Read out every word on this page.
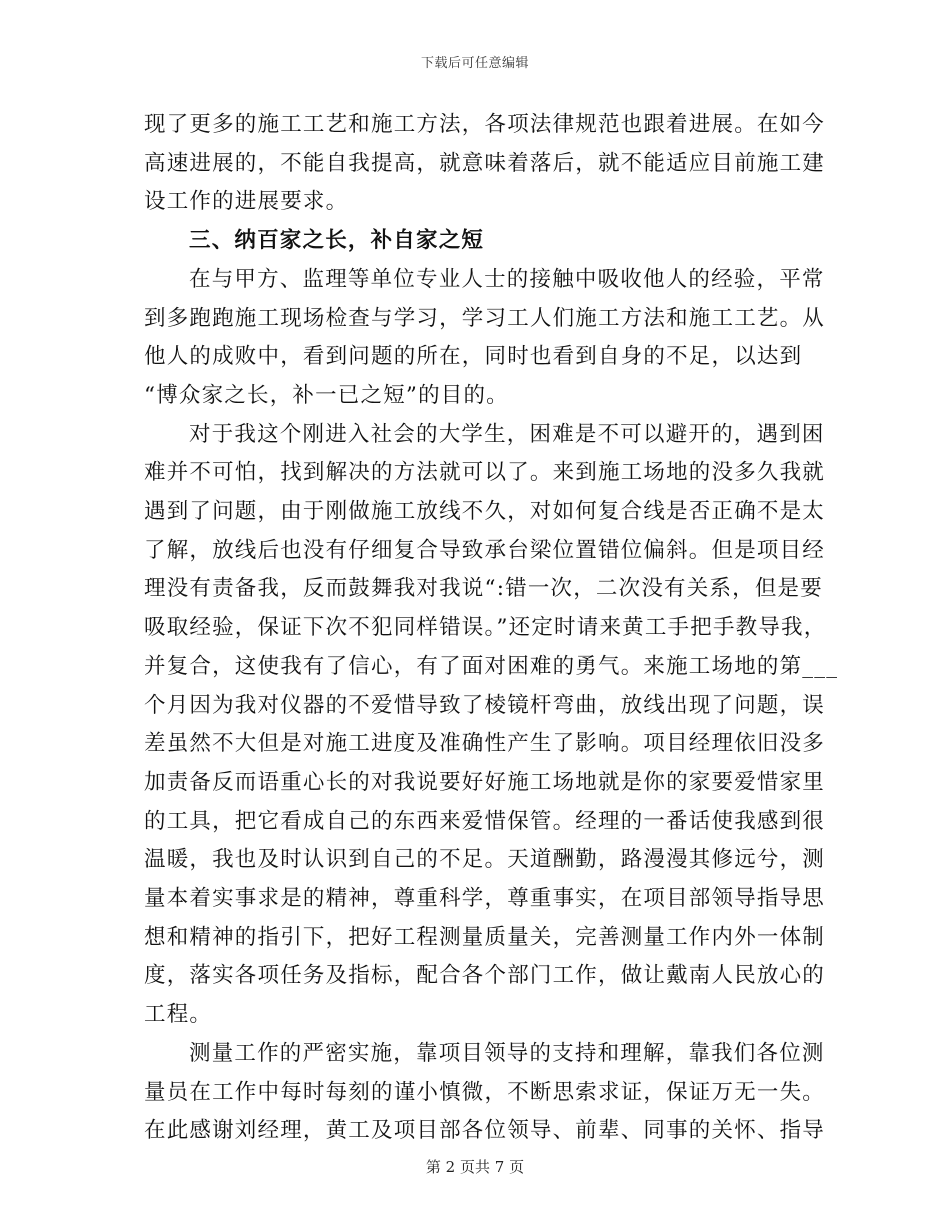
下载后可任意编辑

现了更多的施工工艺和施工方法，各项法律规范也跟着进展。在如今
高速进展的，不能自我提高，就意味着落后，就不能适应目前施工建
设工作的进展要求。

三、纳百家之长，补自家之短

在与甲方、监理等单位专业人士的接触中吸收他人的经验，平常
到多跑跑施工现场检查与学习，学习工人们施工方法和施工工艺。从
他人的成败中，看到问题的所在，同时也看到自身的不足，以达到
“博众家之长，补一已之短”的目的。

对于我这个刚进入社会的大学生，困难是不可以避开的，遇到困
难并不可怕，找到解决的方法就可以了。来到施工场地的没多久我就
遇到了问题，由于刚做施工放线不久，对如何复合线是否正确不是太
了解，放线后也没有仔细复合导致承台梁位置错位偏斜。但是项目经
理没有责备我，反而鼓舞我对我说“:错一次，二次没有关系，但是要
吸取经验，保证下次不犯同样错误。”还定时请来黄工手把手教导我，
并复合，这使我有了信心，有了面对困难的勇气。来施工场地的第___
个月因为我对仪器的不爱惜导致了棱镜杆弯曲，放线出现了问题，误
差虽然不大但是对施工进度及准确性产生了影响。项目经理依旧没多
加责备反而语重心长的对我说要好好施工场地就是你的家要爱惜家里
的工具，把它看成自己的东西来爱惜保管。经理的一番话使我感到很
温暖，我也及时认识到自己的不足。天道酬勤，路漫漫其修远兮，测
量本着实事求是的精神，尊重科学，尊重事实，在项目部领导指导思
想和精神的指引下，把好工程测量质量关，完善测量工作内外一体制
度，落实各项任务及指标，配合各个部门工作，做让戴南人民放心的
工程。

测量工作的严密实施，靠项目领导的支持和理解，靠我们各位测
量员在工作中每时每刻的谨小慎微，不断思索求证，保证万无一失。
在此感谢刘经理，黄工及项目部各位领导、前辈、同事的关怀、指导

第 2 页共 7 页
